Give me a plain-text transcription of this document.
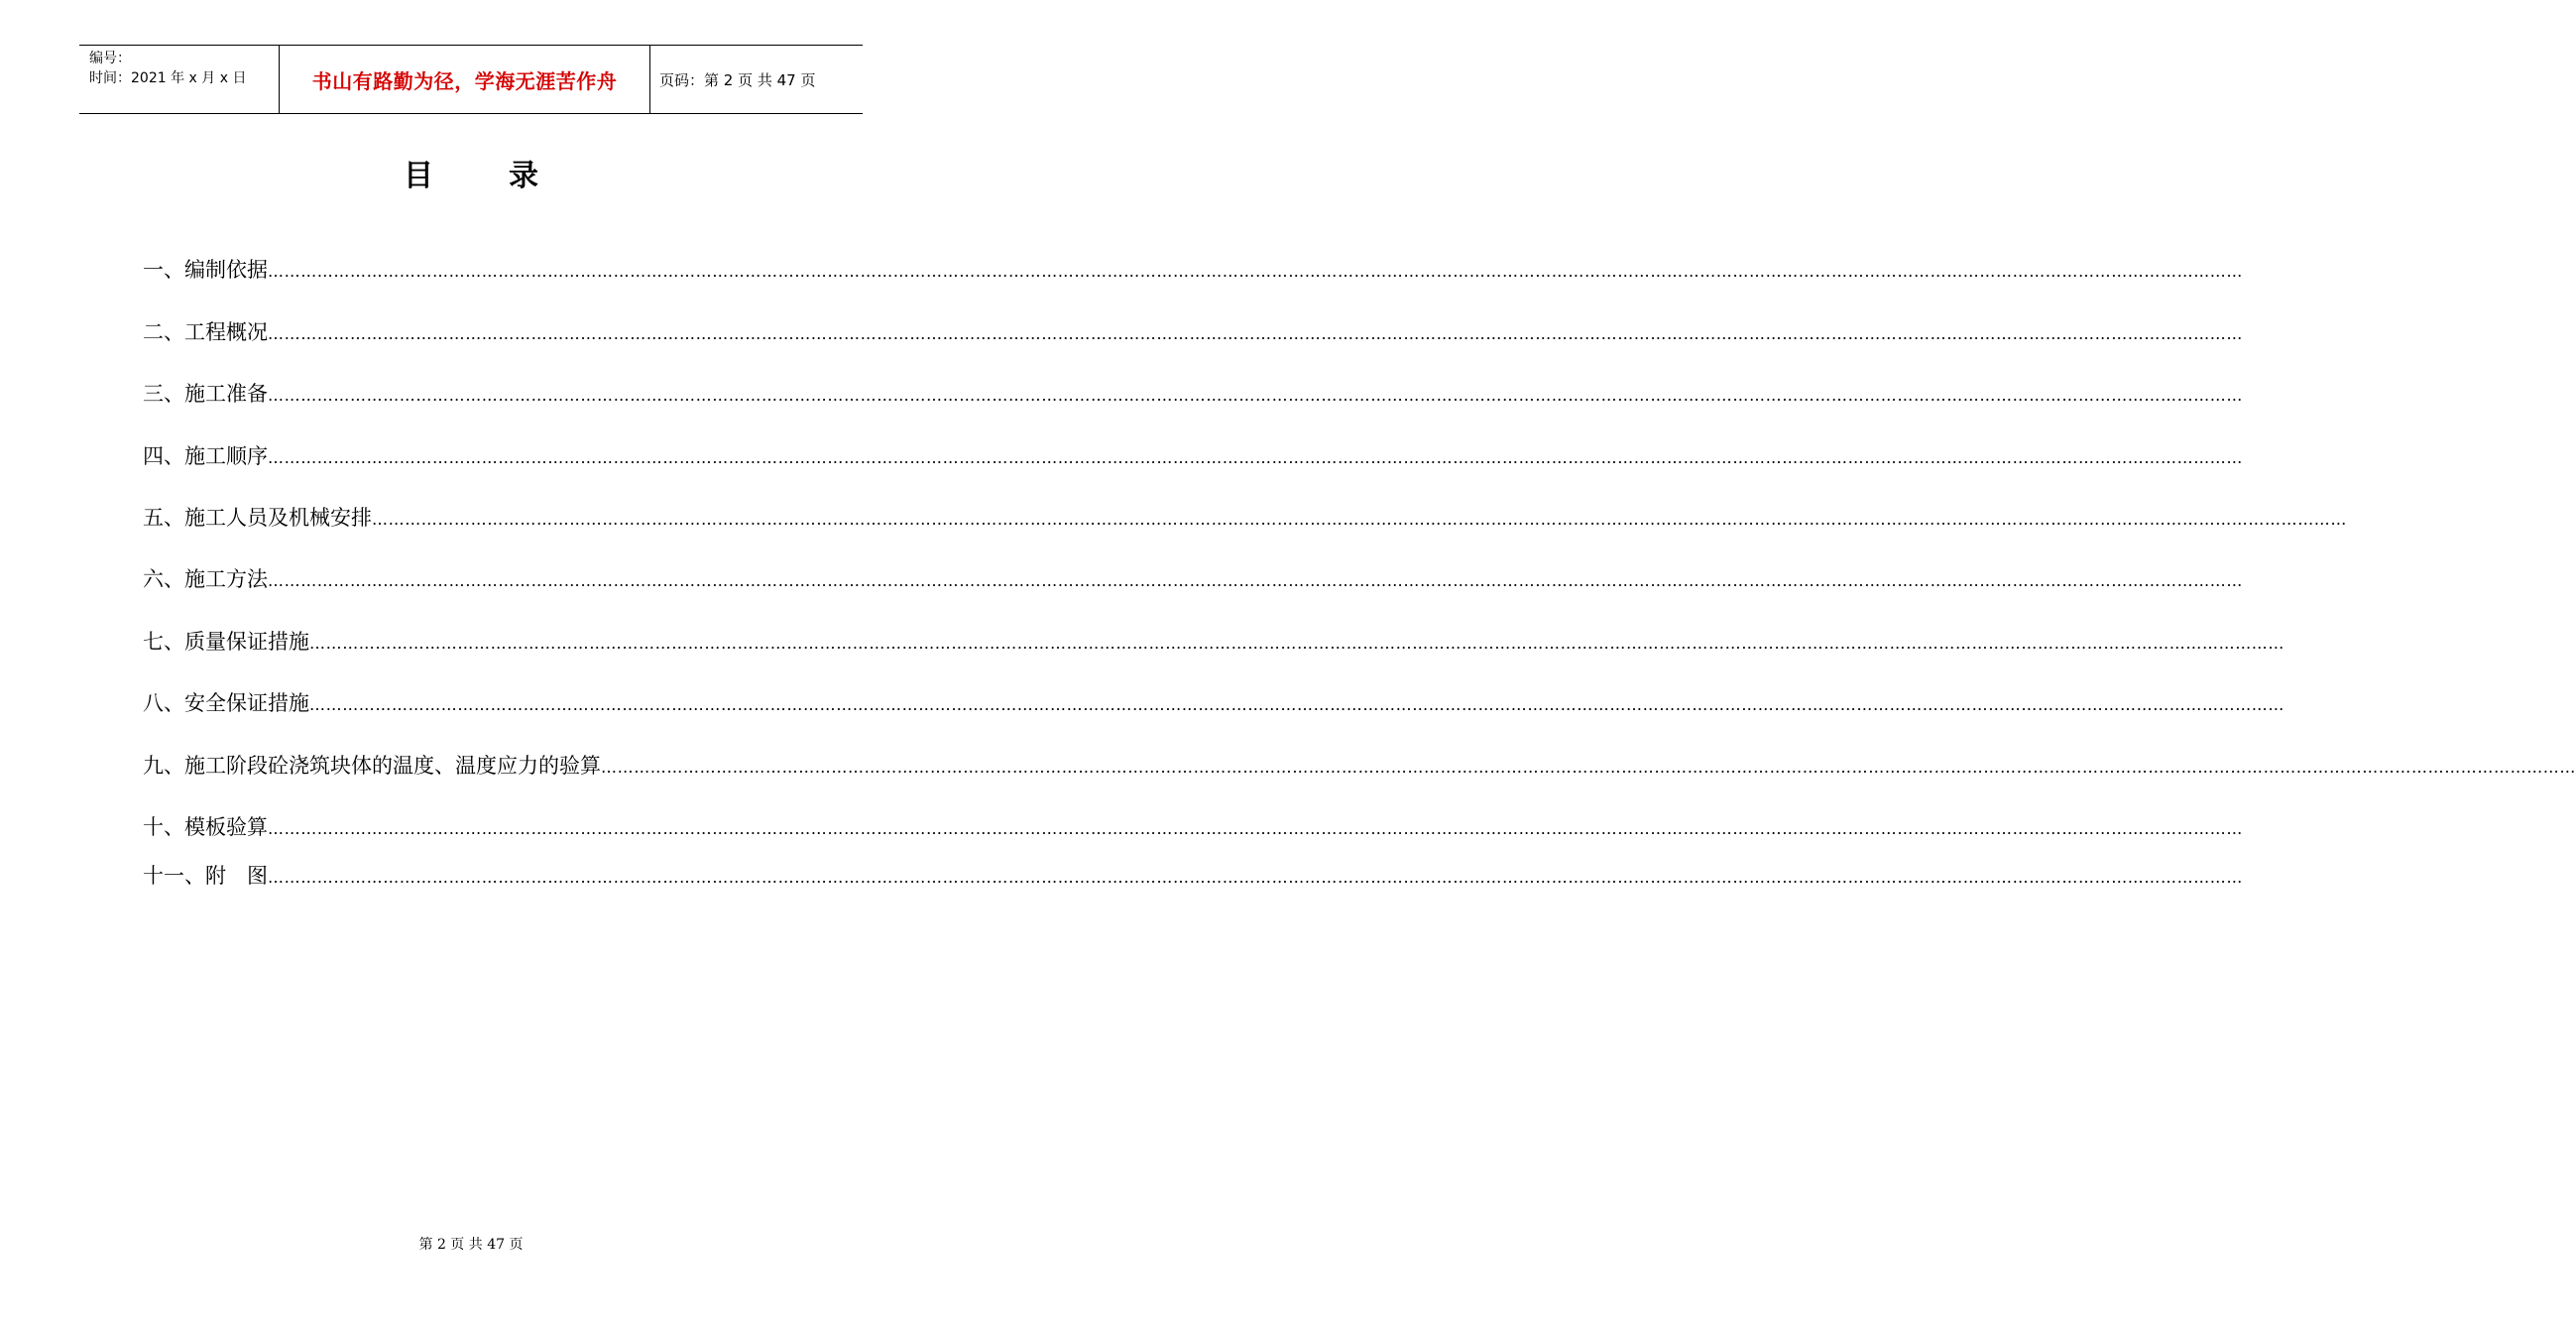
编号：
时间：2021 年 x 月 x 日	书山有路勤为径，学海无涯苦作舟	页码：第 2 页 共 47 页
目录
一、编制依据 ………………………………………………………………………………………………………………………………………………………………………………………………………………………………………………………………………………………………………………………………
二、工程概况 ………………………………………………………………………………………………………………………………………………………………………………………………………………………………………………………………………………………………………………………………
三、施工准备 ………………………………………………………………………………………………………………………………………………………………………………………………………………………………………………………………………………………………………………………………
四、施工顺序 ………………………………………………………………………………………………………………………………………………………………………………………………………………………………………………………………………………………………………………………………
五、施工人员及机械安排 ………………………………………………………………………………………………………………………………………………………………………………………………………………………………………………………………………………………………………………………………
六、施工方法 ………………………………………………………………………………………………………………………………………………………………………………………………………………………………………………………………………………………………………………………………
七、质量保证措施 ………………………………………………………………………………………………………………………………………………………………………………………………………………………………………………………………………………………………………………………………
八、安全保证措施 ………………………………………………………………………………………………………………………………………………………………………………………………………………………………………………………………………………………………………………………………
九、施工阶段砼浇筑块体的温度、温度应力的验算 ………………………………………………………………………………………………………………………………………………………………………………………………………………………………………………………………………………………………………………………………
十、模板验算 ………………………………………………………………………………………………………………………………………………………………………………………………………………………………………………………………………………………………………………………………
十一、附　图 ………………………………………………………………………………………………………………………………………………………………………………………………………………………………………………………………………………………………………………………………
第 2 页 共 47 页
